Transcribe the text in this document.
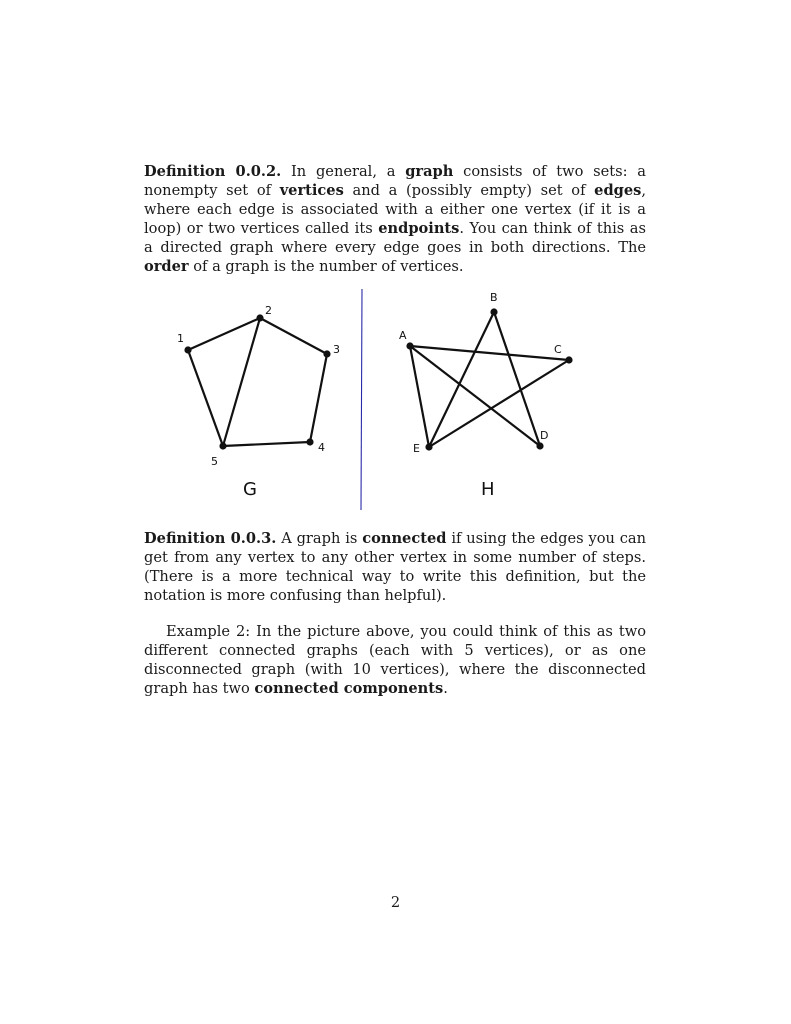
Definition 0.0.2. In general, a graph consists of two sets: a nonempty set of vertices and a (possibly empty) set of edges, where each edge is associated with a either one vertex (if it is a loop) or two vertices called its endpoints. You can think of this as a directed graph where every edge goes in both directions. The order of a graph is the number of vertices.

1
2
3
4
5
G
A
B
C
D
E
H

Definition 0.0.3. A graph is connected if using the edges you can get from any vertex to any other vertex in some number of steps. (There is a more technical way to write this definition, but the notation is more confusing than helpful).

Example 2: In the picture above, you could think of this as two different connected graphs (each with 5 vertices), or as one disconnected graph (with 10 vertices), where the disconnected graph has two connected components.

2
